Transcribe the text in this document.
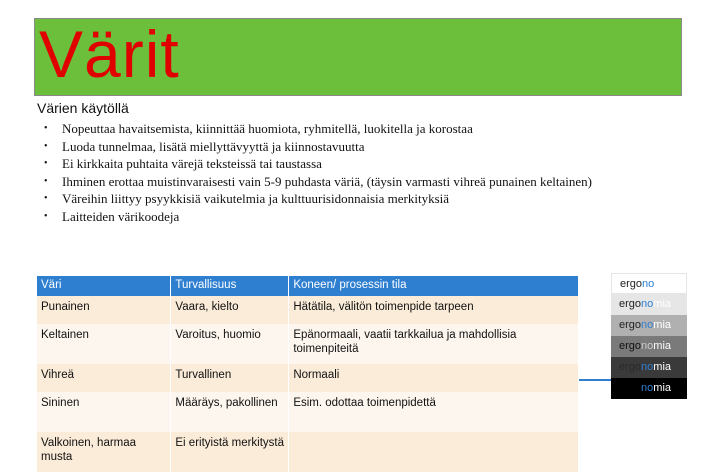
Värit
Värien käytöllä
• Nopeuttaa havaitsemista, kiinnittää huomiota, ryhmitellä, luokitella ja korostaa
• Luoda tunnelmaa, lisätä miellyttävyyttä ja kiinnostavuutta
• Ei kirkkaita puhtaita värejä teksteissä tai taustassa
• Ihminen erottaa muistinvaraisesti vain 5-9 puhdasta väriä, (täysin varmasti vihreä punainen keltainen)
• Väreihin liittyy psyykkisiä vaikutelmia ja kulttuurisidonnaisia merkityksiä
• Laitteiden värikoodeja
Väri	Turvallisuus	Koneen/ prosessin tila
Punainen	Vaara, kielto	Hätätila, välitön toimenpide tarpeen
Keltainen	Varoitus, huomio	Epänormaali, vaatii tarkkailua ja mahdollisia toimenpiteitä
Vihreä	Turvallinen	Normaali
Sininen	Määräys, pakollinen	Esim. odottaa toimenpidettä
Valkoinen, harmaa musta	Ei erityistä merkitystä	
ergono
ergonomia
ergonomia
ergonomia
ergonomia
ergonomia
